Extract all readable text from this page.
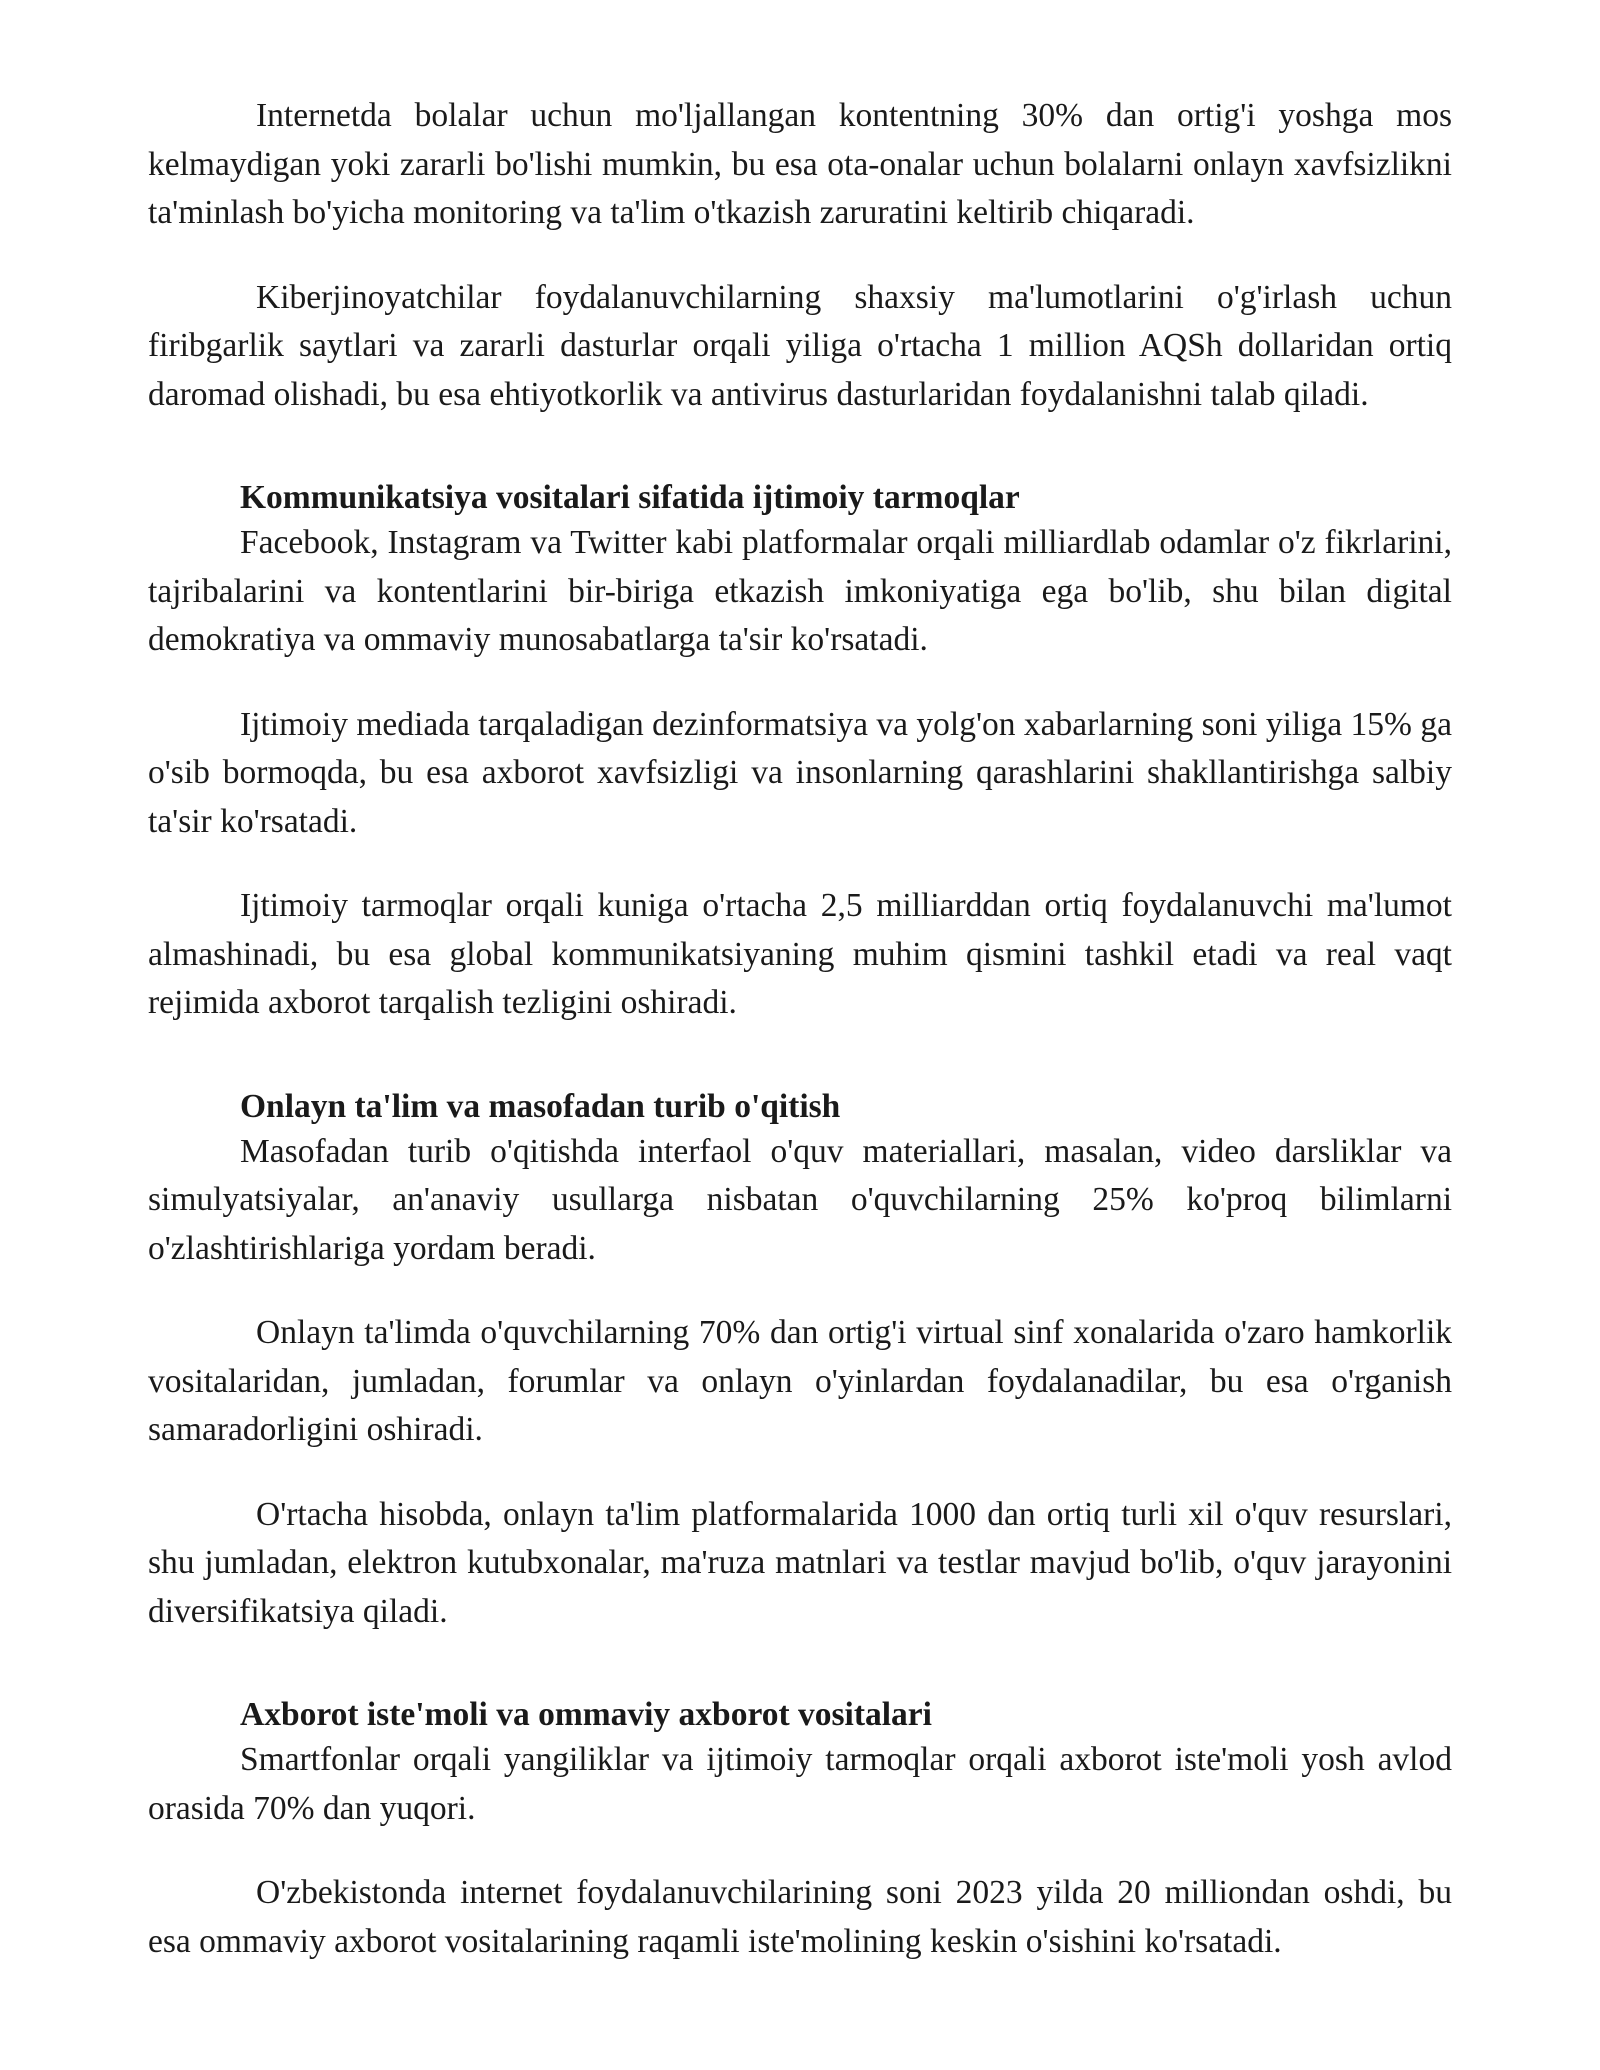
Internetda bolalar uchun mo'ljallangan kontentning 30% dan ortig'i yoshga mos kelmaydigan yoki zararli bo'lishi mumkin, bu esa ota-onalar uchun bolalarni onlayn xavfsizlikni ta'minlash bo'yicha monitoring va ta'lim o'tkazish zaruratini keltirib chiqaradi.

Kiberjinoyatchilar foydalanuvchilarning shaxsiy ma'lumotlarini o'g'irlash uchun firibgarlik saytlari va zararli dasturlar orqali yiliga o'rtacha 1 million AQSh dollaridan ortiq daromad olishadi, bu esa ehtiyotkorlik va antivirus dasturlaridan foydalanishni talab qiladi.

Kommunikatsiya vositalari sifatida ijtimoiy tarmoqlar

Facebook, Instagram va Twitter kabi platformalar orqali milliardlab odamlar o'z fikrlarini, tajribalarini va kontentlarini bir-biriga etkazish imkoniyatiga ega bo'lib, shu bilan digital demokratiya va ommaviy munosabatlarga ta'sir ko'rsatadi.

Ijtimoiy mediada tarqaladigan dezinformatsiya va yolg'on xabarlarning soni yiliga 15% ga o'sib bormoqda, bu esa axborot xavfsizligi va insonlarning qarashlarini shakllantirishga salbiy ta'sir ko'rsatadi.

Ijtimoiy tarmoqlar orqali kuniga o'rtacha 2,5 milliarddan ortiq foydalanuvchi ma'lumot almashinadi, bu esa global kommunikatsiyaning muhim qismini tashkil etadi va real vaqt rejimida axborot tarqalish tezligini oshiradi.

Onlayn ta'lim va masofadan turib o'qitish

Masofadan turib o'qitishda interfaol o'quv materiallari, masalan, video darsliklar va simulyatsiyalar, an'anaviy usullarga nisbatan o'quvchilarning 25% ko'proq bilimlarni o'zlashtirishlariga yordam beradi.

Onlayn ta'limda o'quvchilarning 70% dan ortig'i virtual sinf xonalarida o'zaro hamkorlik vositalaridan, jumladan, forumlar va onlayn o'yinlardan foydalanadilar, bu esa o'rganish samaradorligini oshiradi.

O'rtacha hisobda, onlayn ta'lim platformalarida 1000 dan ortiq turli xil o'quv resurslari, shu jumladan, elektron kutubxonalar, ma'ruza matnlari va testlar mavjud bo'lib, o'quv jarayonini diversifikatsiya qiladi.

Axborot iste'moli va ommaviy axborot vositalari

Smartfonlar orqali yangiliklar va ijtimoiy tarmoqlar orqali axborot iste'moli yosh avlod orasida 70% dan yuqori.

O'zbekistonda internet foydalanuvchilarining soni 2023 yilda 20 milliondan oshdi, bu esa ommaviy axborot vositalarining raqamli iste'molining keskin o'sishini ko'rsatadi.
